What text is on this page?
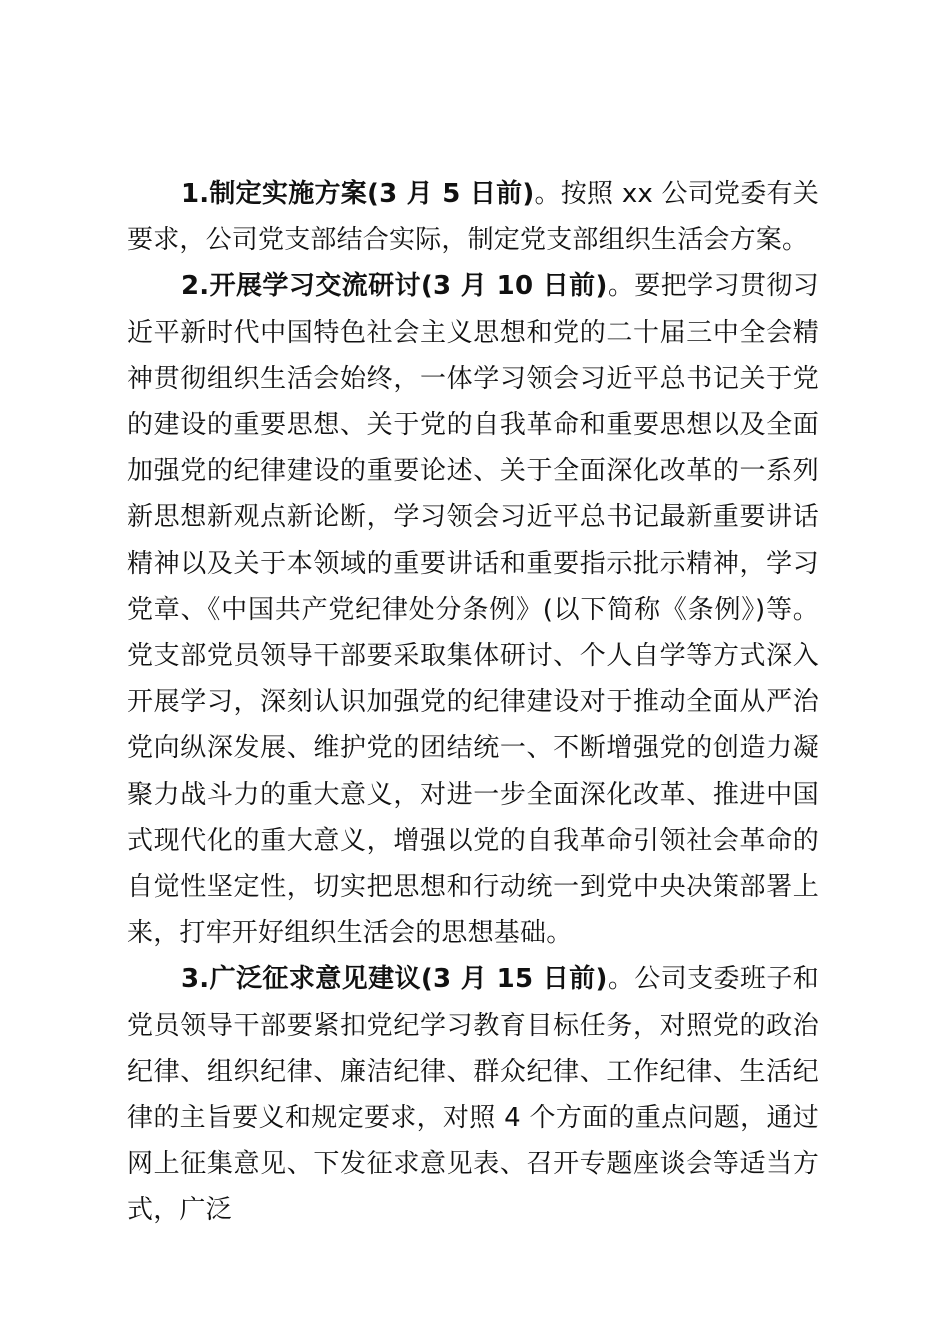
1.制定实施方案(3 月 5 日前)。按照 xx 公司党委有关要求，公司党支部结合实际，制定党支部组织生活会方案。

2.开展学习交流研讨(3 月 10 日前)。要把学习贯彻习近平新时代中国特色社会主义思想和党的二十届三中全会精神贯彻组织生活会始终，一体学习领会习近平总书记关于党的建设的重要思想、关于党的自我革命和重要思想以及全面加强党的纪律建设的重要论述、关于全面深化改革的一系列新思想新观点新论断，学习领会习近平总书记最新重要讲话精神以及关于本领域的重要讲话和重要指示批示精神，学习党章、《中国共产党纪律处分条例》(以下简称《条例》)等。党支部党员领导干部要采取集体研讨、个人自学等方式深入开展学习，深刻认识加强党的纪律建设对于推动全面从严治党向纵深发展、维护党的团结统一、不断增强党的创造力凝聚力战斗力的重大意义，对进一步全面深化改革、推进中国式现代化的重大意义，增强以党的自我革命引领社会革命的自觉性坚定性，切实把思想和行动统一到党中央决策部署上来，打牢开好组织生活会的思想基础。

3.广泛征求意见建议(3 月 15 日前)。公司支委班子和党员领导干部要紧扣党纪学习教育目标任务，对照党的政治纪律、组织纪律、廉洁纪律、群众纪律、工作纪律、生活纪律的主旨要义和规定要求，对照 4 个方面的重点问题，通过网上征集意见、下发征求意见表、召开专题座谈会等适当方式，广泛
